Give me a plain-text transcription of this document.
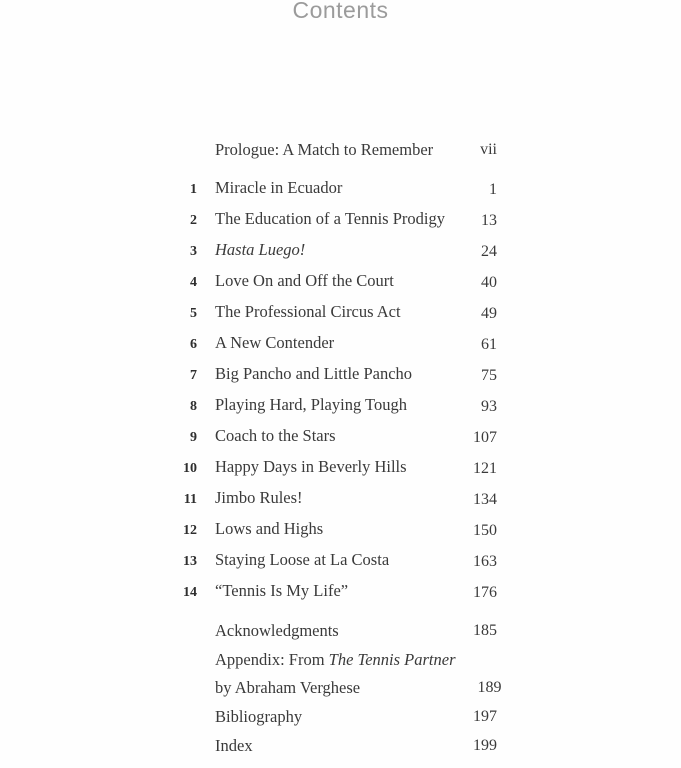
Contents
Prologue: A Match to Remember	vii
1 Miracle in Ecuador	1
2 The Education of a Tennis Prodigy	13
3 Hasta Luego!	24
4 Love On and Off the Court	40
5 The Professional Circus Act	49
6 A New Contender	61
7 Big Pancho and Little Pancho	75
8 Playing Hard, Playing Tough	93
9 Coach to the Stars	107
10 Happy Days in Beverly Hills	121
11 Jimbo Rules!	134
12 Lows and Highs	150
13 Staying Loose at La Costa	163
14 “Tennis Is My Life”	176
Acknowledgments	185
Appendix: From The Tennis Partner
by Abraham Verghese	189
Bibliography	197
Index	199
